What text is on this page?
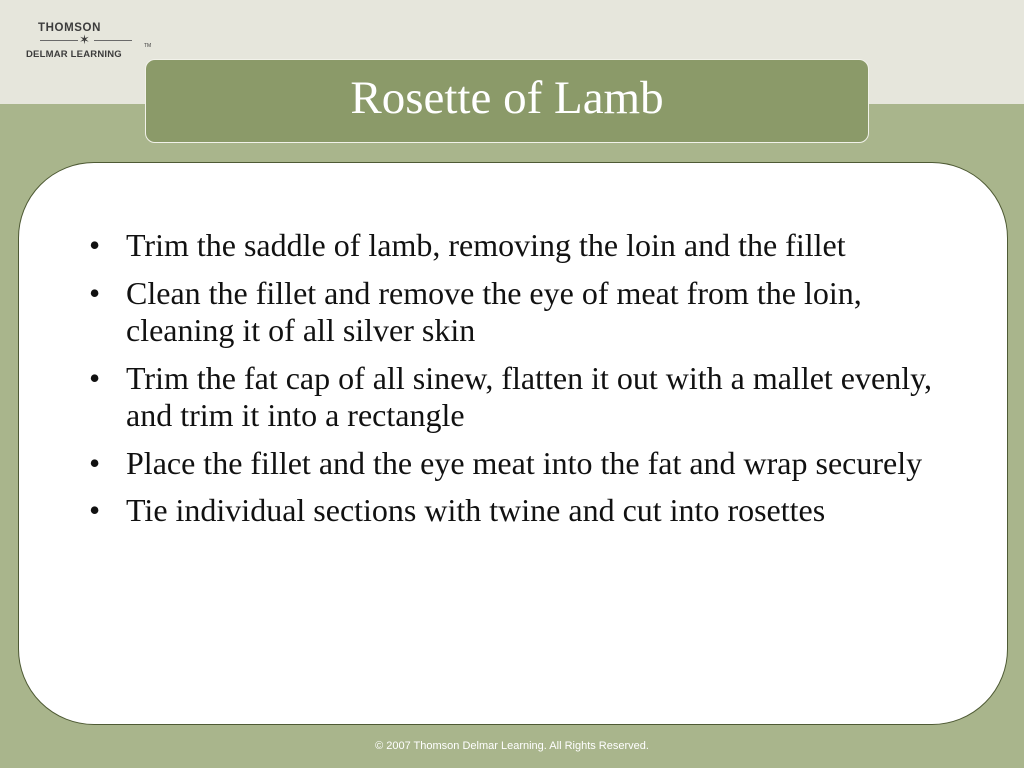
THOMSON
✶
DELMAR LEARNING
TM
Rosette of Lamb
• Trim the saddle of lamb, removing the loin and the fillet
• Clean the fillet and remove the eye of meat from the loin, cleaning it of all silver skin
• Trim the fat cap of all sinew, flatten it out with a mallet evenly, and trim it into a rectangle
• Place the fillet and the eye meat into the fat and wrap securely
• Tie individual sections with twine and cut into rosettes
© 2007 Thomson Delmar Learning. All Rights Reserved.
